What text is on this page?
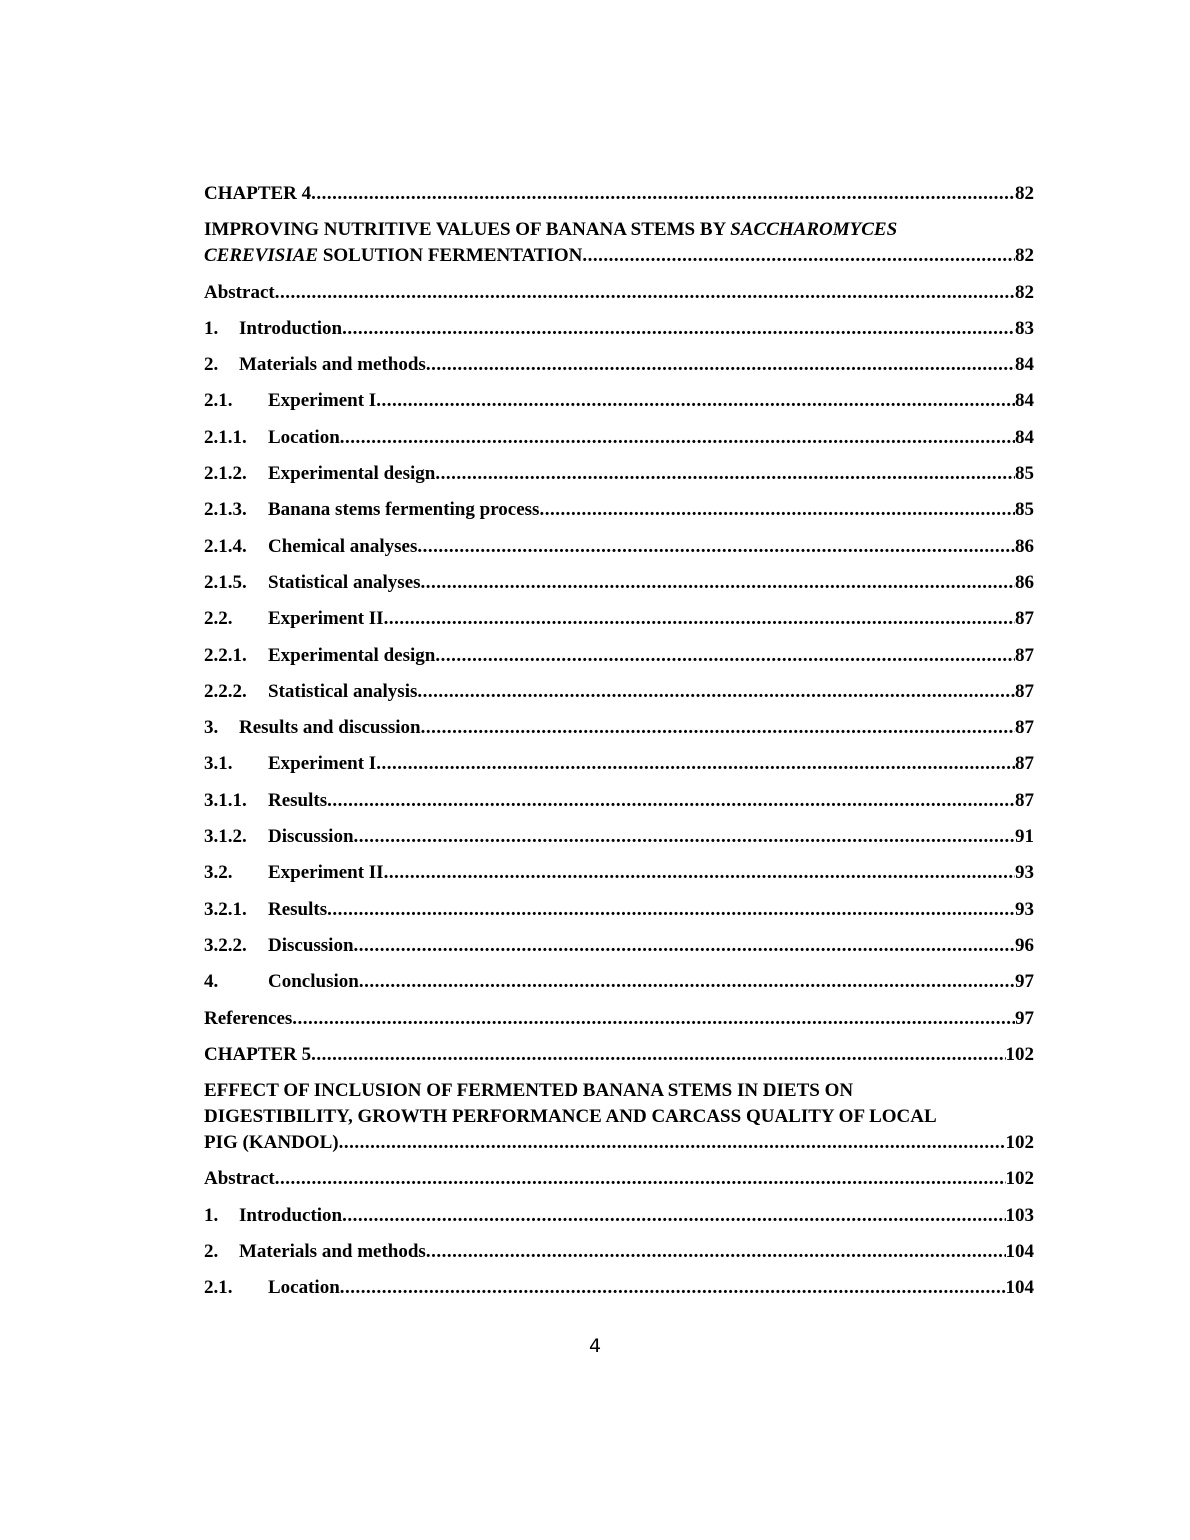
CHAPTER 4 .....	82
IMPROVING NUTRITIVE VALUES OF BANANA STEMS BY SACCHAROMYCES
CEREVISIAE SOLUTION FERMENTATION .....	82
Abstract .....	82
1.	Introduction .....	83
2.	Materials and methods .....	84
2.1.	Experiment I .....	84
2.1.1.	Location .....	84
2.1.2.	Experimental design .....	85
2.1.3.	Banana stems fermenting process .....	85
2.1.4.	Chemical analyses .....	86
2.1.5.	Statistical analyses .....	86
2.2.	Experiment II .....	87
2.2.1.	Experimental design .....	87
2.2.2.	Statistical analysis .....	87
3.	Results and discussion .....	87
3.1.	Experiment I .....	87
3.1.1.	Results .....	87
3.1.2.	Discussion .....	91
3.2.	Experiment II .....	93
3.2.1.	Results .....	93
3.2.2.	Discussion .....	96
4.	Conclusion .....	97
References .....	97
CHAPTER 5 .....	102
EFFECT OF INCLUSION OF FERMENTED BANANA STEMS IN DIETS ON
DIGESTIBILITY, GROWTH PERFORMANCE AND CARCASS QUALITY OF LOCAL
PIG (KANDOL) .....	102
Abstract .....	102
1.	Introduction .....	103
2.	Materials and methods .....	104
2.1.	Location .....	104
4
